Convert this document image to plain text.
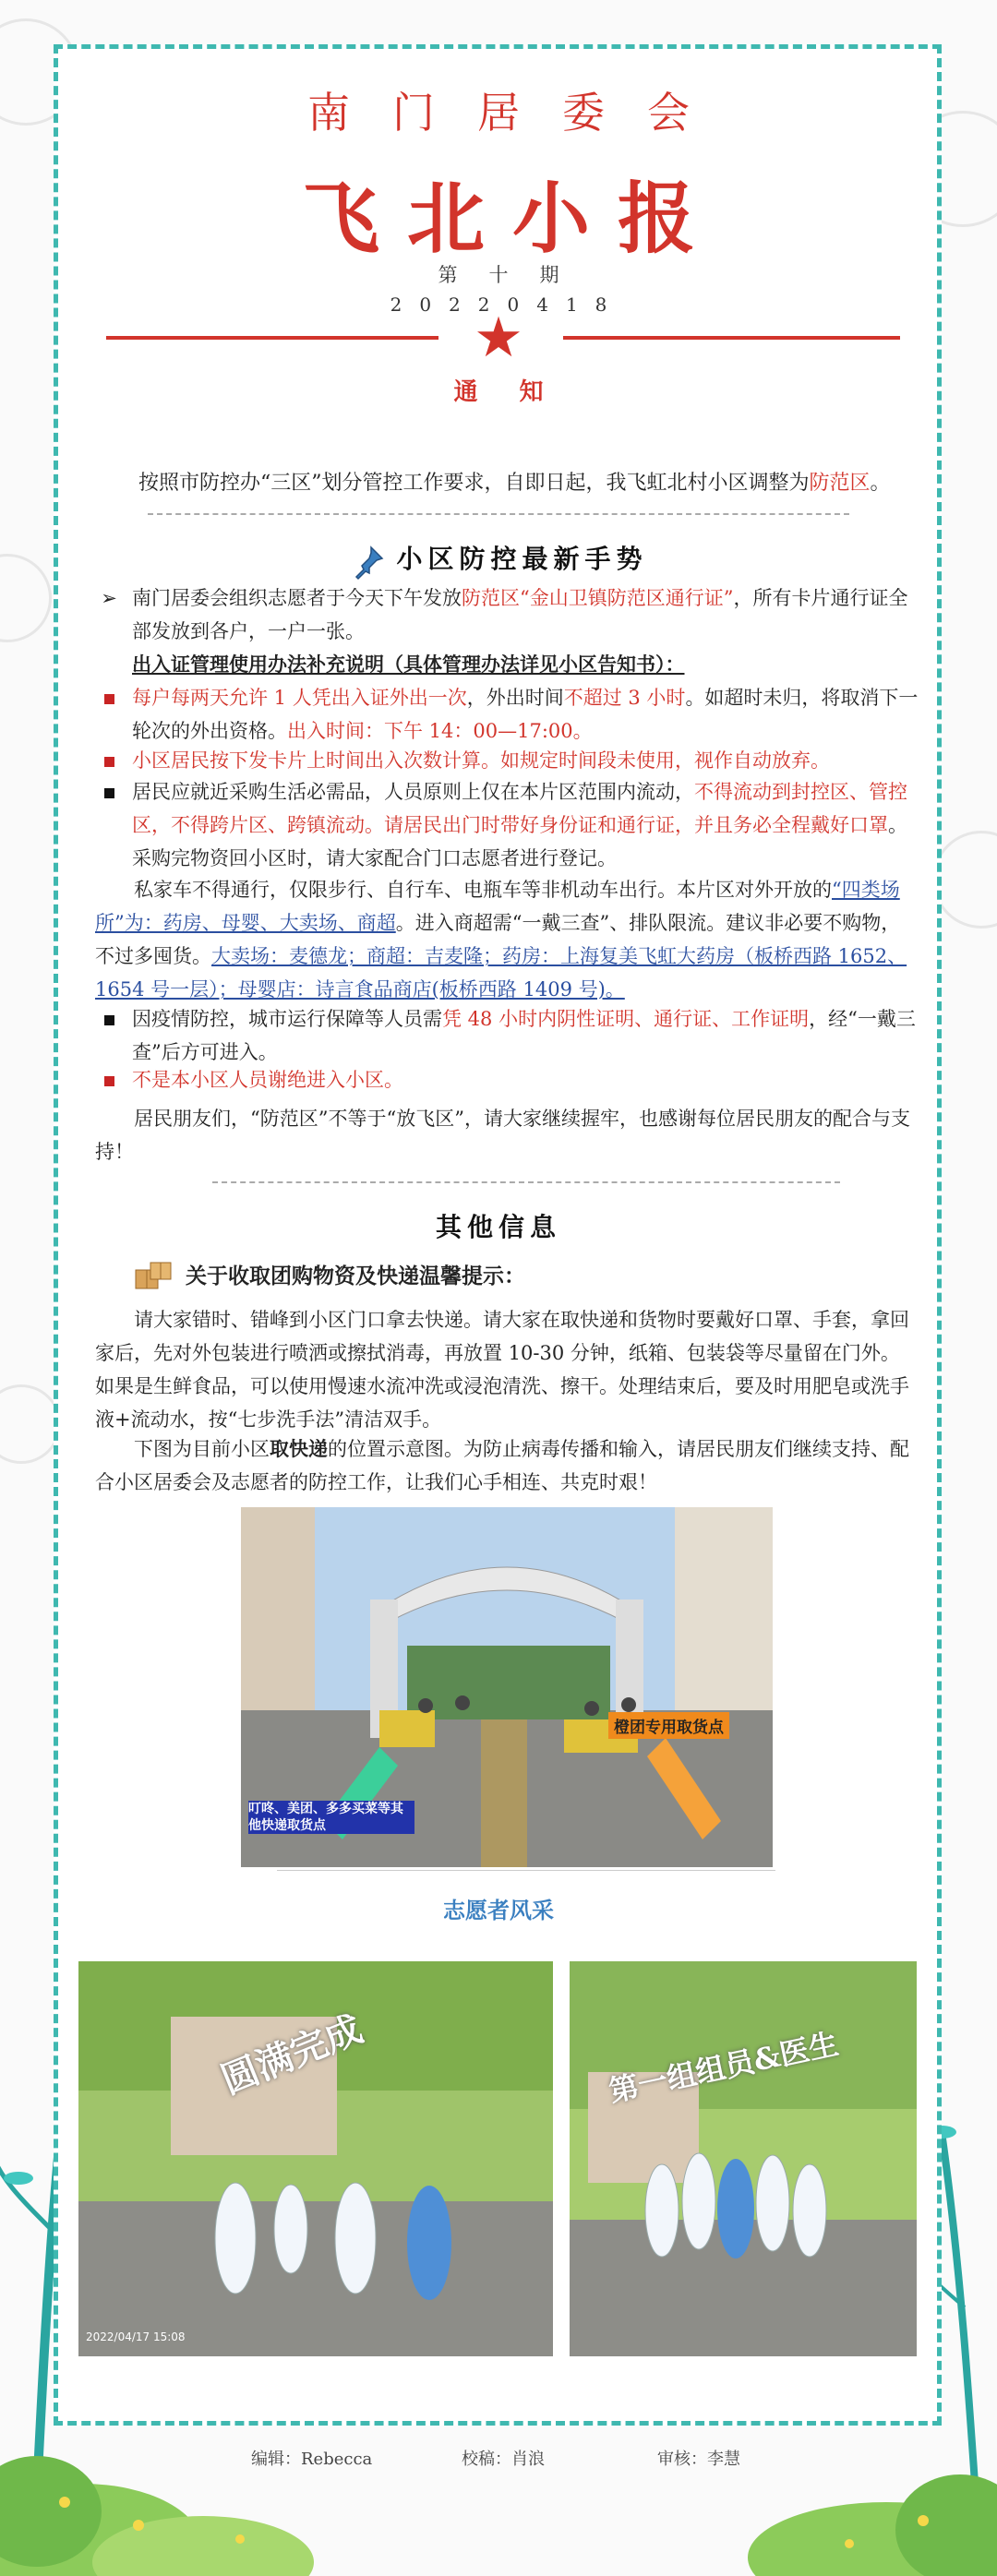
南门居委会
飞北小报
第十期
20220418
★
通 知
按照市防控办“三区”划分管控工作要求，自即日起，我飞虹北村小区调整为防范区。
小区防控最新手势
➢ 南门居委会组织志愿者于今天下午发放防范区“金山卫镇防范区通行证”，所有卡片通行证全部发放到各户，一户一张。
出入证管理使用办法补充说明（具体管理办法详见小区告知书）：
每户每两天允许 1 人凭出入证外出一次，外出时间不超过 3 小时。如超时未归，将取消下一轮次的外出资格。出入时间：下午 14：00—17:00。
小区居民按下发卡片上时间出入次数计算。如规定时间段未使用，视作自动放弃。
居民应就近采购生活必需品，人员原则上仅在本片区范围内流动，不得流动到封控区、管控区，不得跨片区、跨镇流动。请居民出门时带好身份证和通行证，并且务必全程戴好口罩。采购完物资回小区时，请大家配合门口志愿者进行登记。
私家车不得通行，仅限步行、自行车、电瓶车等非机动车出行。本片区对外开放的“四类场所”为：药房、母婴、大卖场、商超。进入商超需“一戴三查”、排队限流。建议非必要不购物，不过多囤货。大卖场：麦德龙；商超：吉麦隆；药房：上海复美飞虹大药房（板桥西路 1652、1654 号一层）；母婴店：诗言食品商店(板桥西路 1409 号)。
因疫情防控，城市运行保障等人员需凭 48 小时内阴性证明、通行证、工作证明，经“一戴三查”后方可进入。
不是本小区人员谢绝进入小区。
居民朋友们，“防范区”不等于“放飞区”，请大家继续握牢，也感谢每位居民朋友的配合与支持！
其他信息
关于收取团购物资及快递温馨提示：
请大家错时、错峰到小区门口拿去快递。请大家在取快递和货物时要戴好口罩、手套，拿回家后，先对外包装进行喷洒或擦拭消毒，再放置 10-30 分钟，纸箱、包装袋等尽量留在门外。如果是生鲜食品，可以使用慢速水流冲洗或浸泡清洗、擦干。处理结束后，要及时用肥皂或洗手液+流动水，按“七步洗手法”清洁双手。
下图为目前小区取快递的位置示意图。为防止病毒传播和输入，请居民朋友们继续支持、配合小区居委会及志愿者的防控工作，让我们心手相连、共克时艰！
叮咚、美团、多多买菜等其他快递取货点
橙团专用取货点
志愿者风采
圆满完成
2022/04/17 15:08
第一组组员&医生
编辑：Rebecca	校稿：肖浪	审核：李慧
